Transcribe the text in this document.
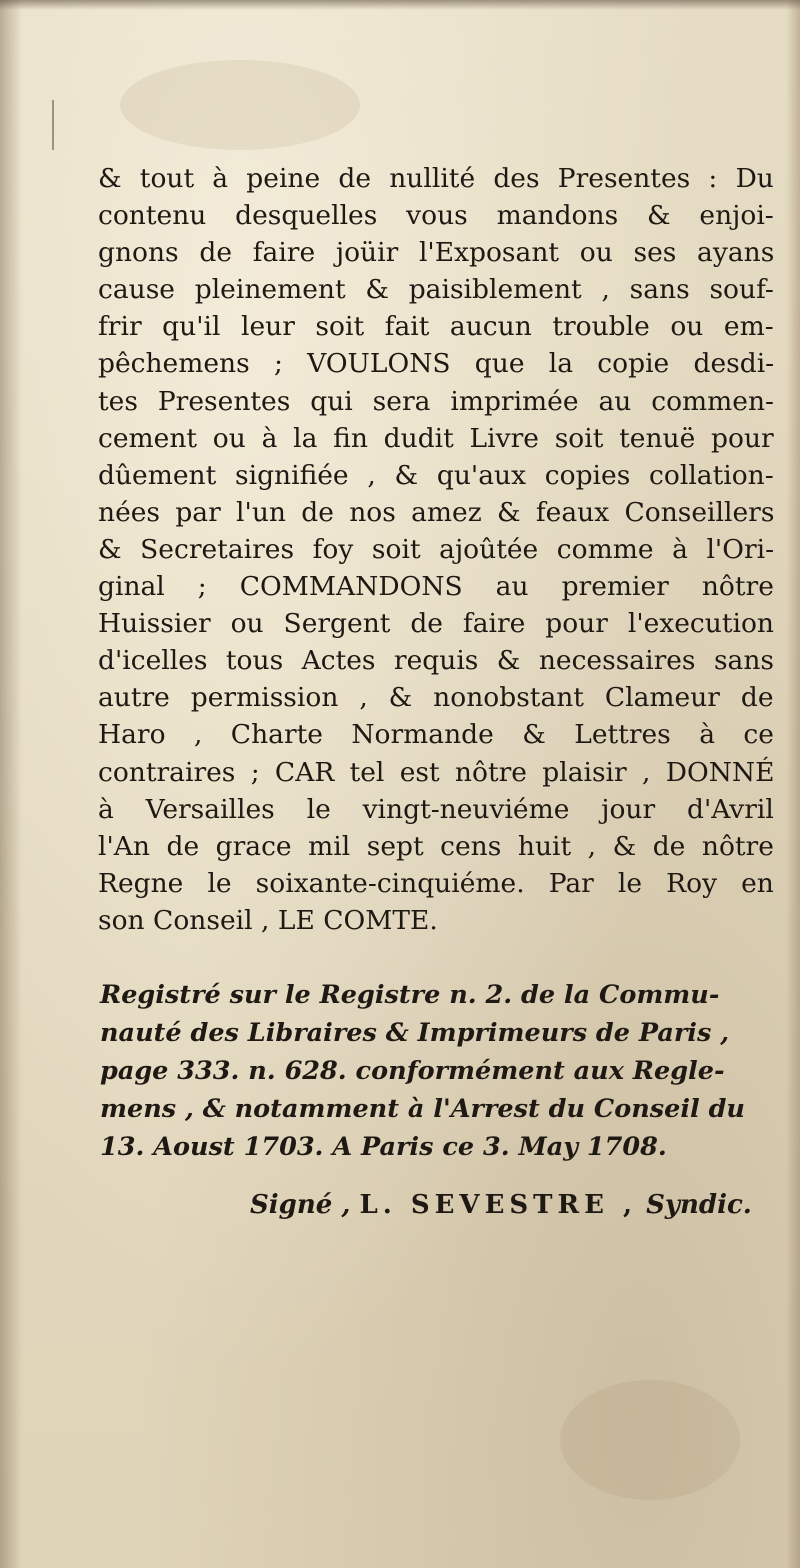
& tout à peine de nullité des Presentes : Du
contenu desquelles vous mandons & enjoi-
gnons de faire joüir l'Exposant ou ses ayans
cause pleinement & paisiblement , sans souf-
frir qu'il leur soit fait aucun trouble ou em-
pêchemens ; VOULONS que la copie desdi-
tes Presentes qui sera imprimée au commen-
cement ou à la fin dudit Livre soit tenuë pour
dûement signifiée , & qu'aux copies collation-
nées par l'un de nos amez & feaux Conseillers
& Secretaires foy soit ajoûtée comme à l'Ori-
ginal ; COMMANDONS au premier nôtre
Huissier ou Sergent de faire pour l'execution
d'icelles tous Actes requis & necessaires sans
autre permission , & nonobstant Clameur de
Haro , Charte Normande & Lettres à ce
contraires ; CAR tel est nôtre plaisir , DONNÉ
à Versailles le vingt-neuviéme jour d'Avril
l'An de grace mil sept cens huit , & de nôtre
Regne le soixante-cinquiéme. Par le Roy en
son Conseil , LE COMTE.
Registré sur le Registre n. 2. de la Commu-
nauté des Libraires & Imprimeurs de Paris ,
page 333. n. 628. conformément aux Regle-
mens , & notamment à l'Arrest du Conseil du
13. Aoust 1703. A Paris ce 3. May 1708.
Signé , L. SEVESTRE , Syndic.
